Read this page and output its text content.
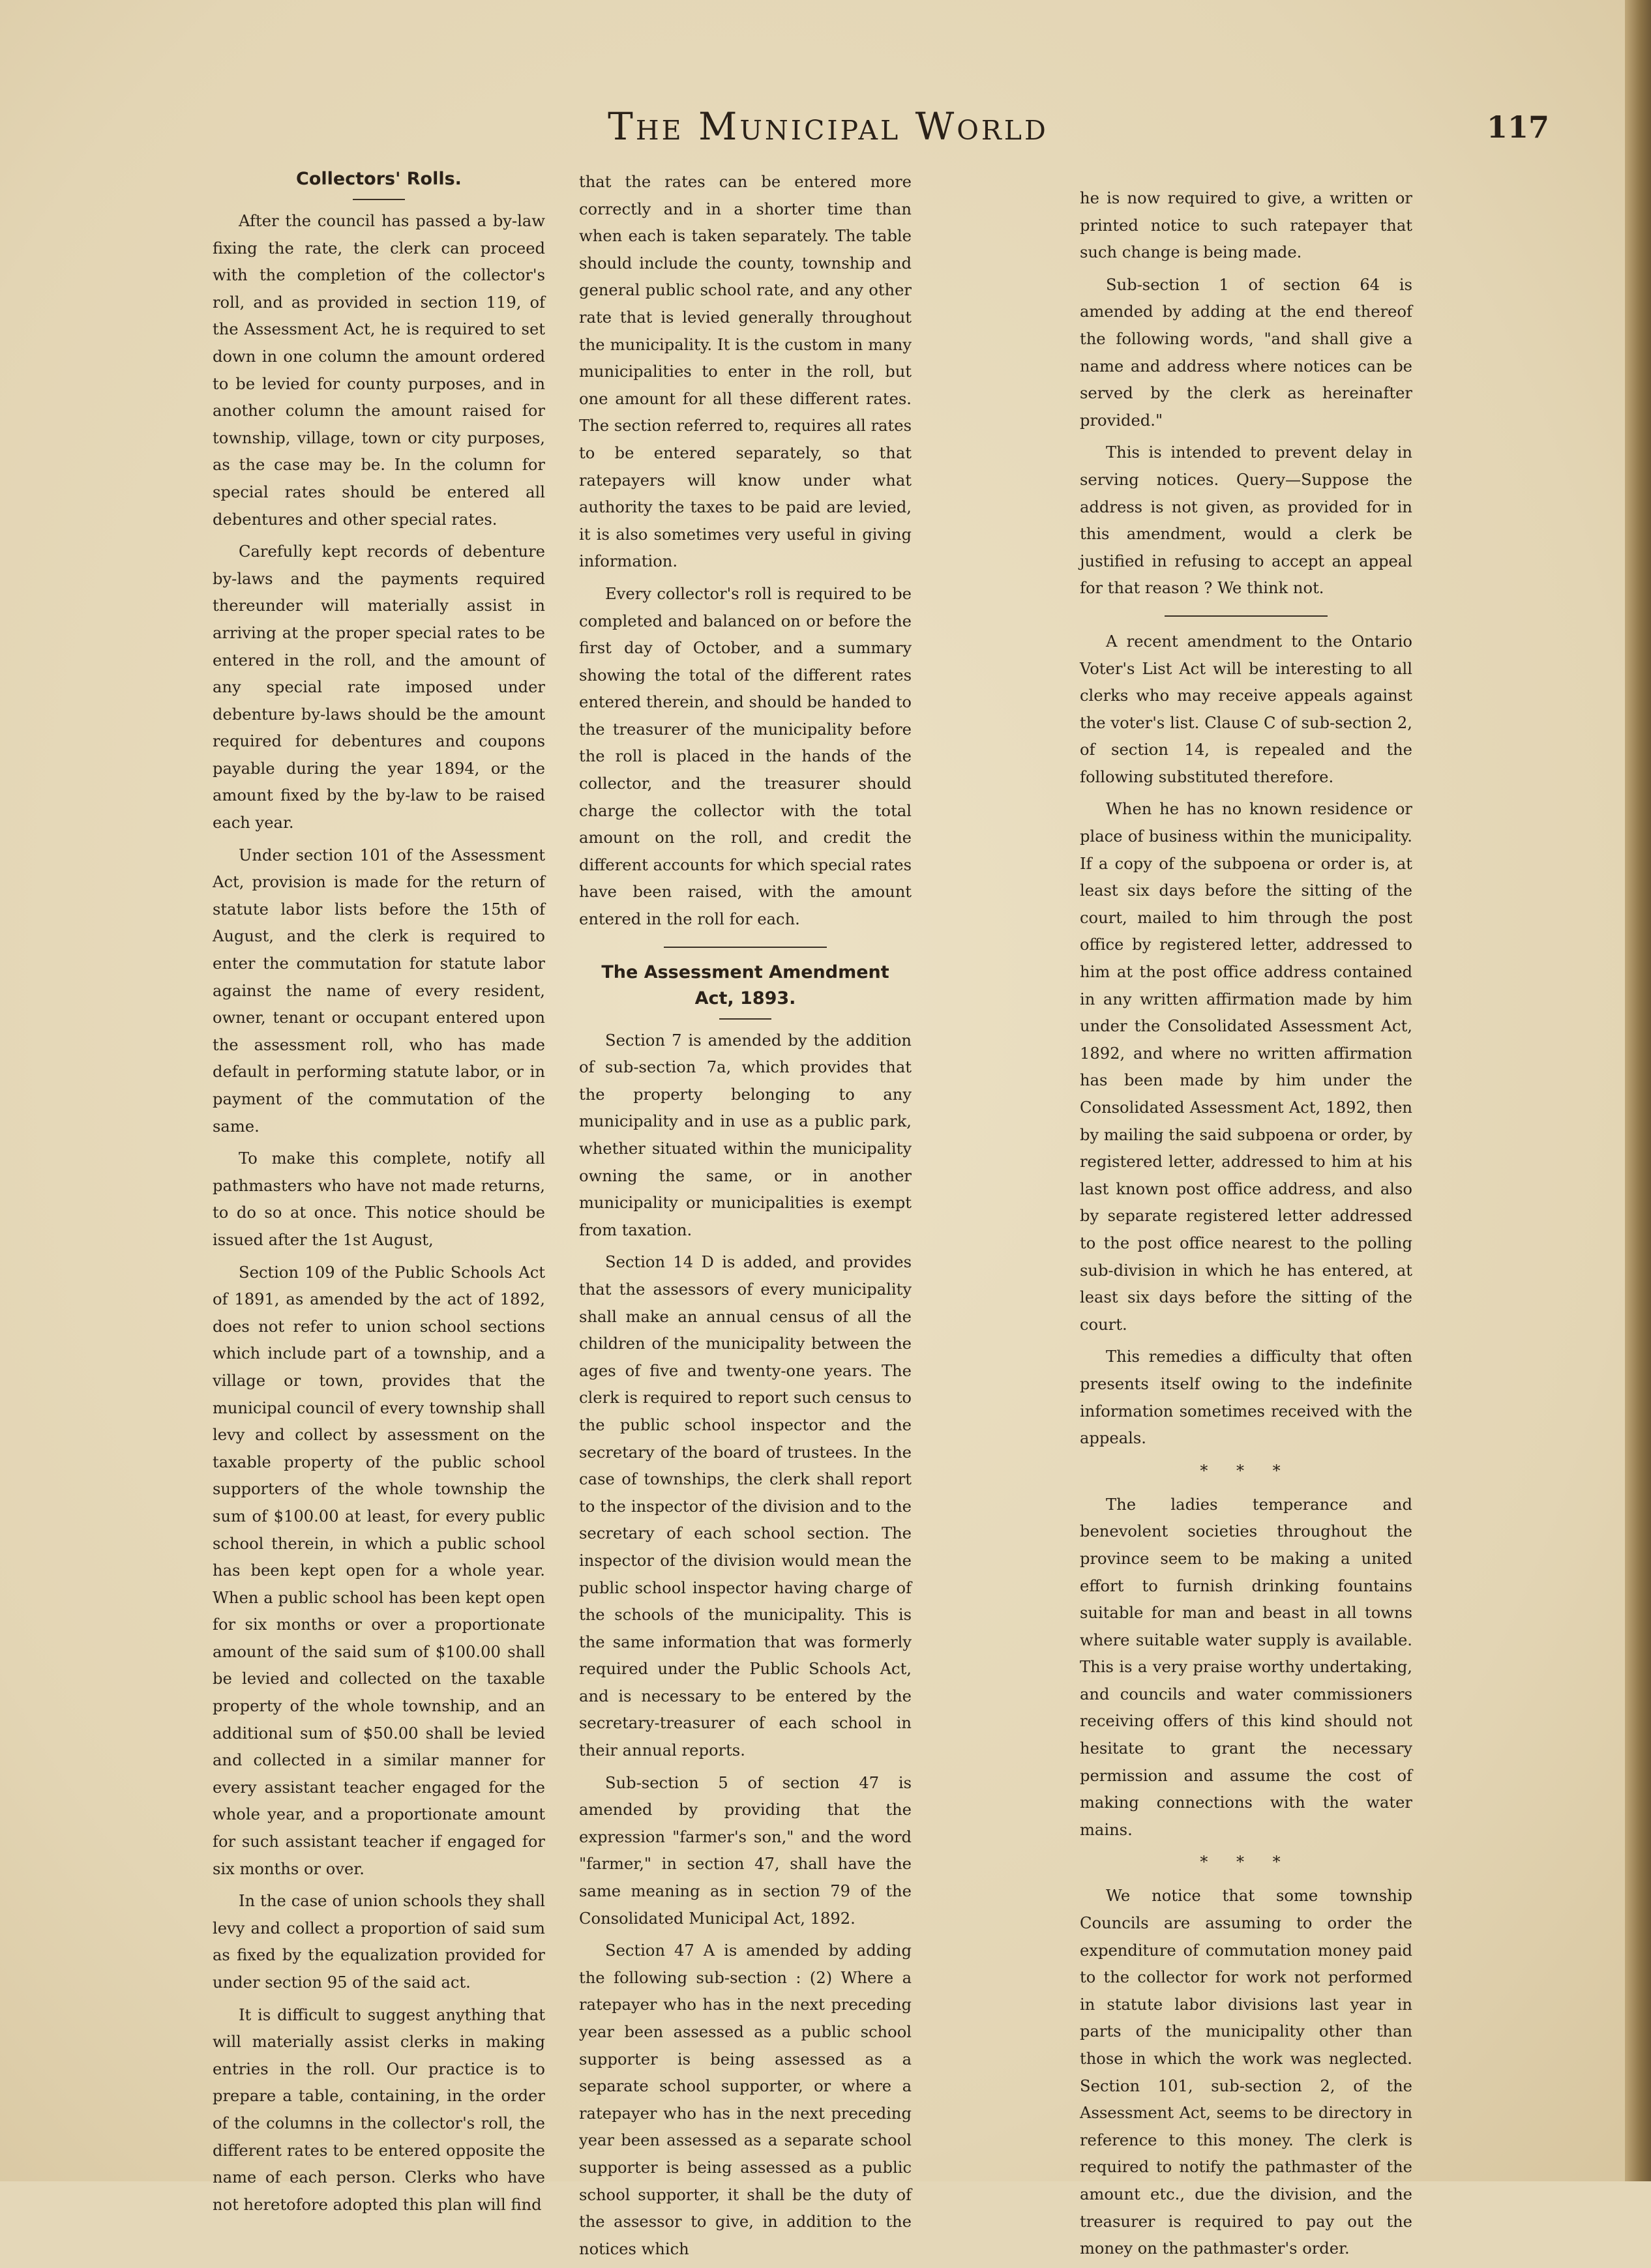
The Municipal World	117
Collectors' Rolls.

After the council has passed a by-law fixing the rate, the clerk can proceed with the completion of the collector's roll, and as provided in section 119, of the Assessment Act, he is required to set down in one column the amount ordered to be levied for county purposes, and in another column the amount raised for township, village, town or city purposes, as the case may be. In the column for special rates should be entered all debentures and other special rates.

Carefully kept records of debenture by-laws and the payments required thereunder will materially assist in arriving at the proper special rates to be entered in the roll, and the amount of any special rate imposed under debenture by-laws should be the amount required for debentures and coupons payable during the year 1894, or the amount fixed by the by-law to be raised each year.

Under section 101 of the Assessment Act, provision is made for the return of statute labor lists before the 15th of August, and the clerk is required to enter the commutation for statute labor against the name of every resident, owner, tenant or occupant entered upon the assessment roll, who has made default in performing statute labor, or in payment of the commutation of the same.

To make this complete, notify all pathmasters who have not made returns, to do so at once. This notice should be issued after the 1st August,

Section 109 of the Public Schools Act of 1891, as amended by the act of 1892, does not refer to union school sections which include part of a township, and a village or town, provides that the municipal council of every township shall levy and collect by assessment on the taxable property of the public school supporters of the whole township the sum of $100.00 at least, for every public school therein, in which a public school has been kept open for a whole year. When a public school has been kept open for six months or over a proportionate amount of the said sum of $100.00 shall be levied and collected on the taxable property of the whole township, and an additional sum of $50.00 shall be levied and collected in a similar manner for every assistant teacher engaged for the whole year, and a proportionate amount for such assistant teacher if engaged for six months or over.

In the case of union schools they shall levy and collect a proportion of said sum as fixed by the equalization provided for under section 95 of the said act.

It is difficult to suggest anything that will materially assist clerks in making entries in the roll. Our practice is to prepare a table, containing, in the order of the columns in the collector's roll, the different rates to be entered opposite the name of each person. Clerks who have not heretofore adopted this plan will find

that the rates can be entered more correctly and in a shorter time than when each is taken separately. The table should include the county, township and general public school rate, and any other rate that is levied generally throughout the municipality. It is the custom in many municipalities to enter in the roll, but one amount for all these different rates. The section referred to, requires all rates to be entered separately, so that ratepayers will know under what authority the taxes to be paid are levied, it is also sometimes very useful in giving information.

Every collector's roll is required to be completed and balanced on or before the first day of October, and a summary showing the total of the different rates entered therein, and should be handed to the treasurer of the municipality before the roll is placed in the hands of the collector, and the treasurer should charge the collector with the total amount on the roll, and credit the different accounts for which special rates have been raised, with the amount entered in the roll for each.

The Assessment Amendment Act, 1893.

Section 7 is amended by the addition of sub-section 7a, which provides that the property belonging to any municipality and in use as a public park, whether situated within the municipality owning the same, or in another municipality or municipalities is exempt from taxation.

Section 14 D is added, and provides that the assessors of every municipality shall make an annual census of all the children of the municipality between the ages of five and twenty-one years. The clerk is required to report such census to the public school inspector and the secretary of the board of trustees. In the case of townships, the clerk shall report to the inspector of the division and to the secretary of each school section. The inspector of the division would mean the public school inspector having charge of the schools of the municipality. This is the same information that was formerly required under the Public Schools Act, and is necessary to be entered by the secretary-treasurer of each school in their annual reports.

Sub-section 5 of section 47 is amended by providing that the expression "farmer's son," and the word "farmer," in section 47, shall have the same meaning as in section 79 of the Consolidated Municipal Act, 1892.

Section 47 A is amended by adding the following sub-section : (2) Where a ratepayer who has in the next preceding year been assessed as a public school supporter is being assessed as a separate school supporter, or where a ratepayer who has in the next preceding year been assessed as a separate school supporter is being assessed as a public school supporter, it shall be the duty of the assessor to give, in addition to the notices which

he is now required to give, a written or printed notice to such ratepayer that such change is being made.

Sub-section 1 of section 64 is amended by adding at the end thereof the following words, "and shall give a name and address where notices can be served by the clerk as hereinafter provided."

This is intended to prevent delay in serving notices. Query—Suppose the address is not given, as provided for in this amendment, would a clerk be justified in refusing to accept an appeal for that reason ? We think not.

A recent amendment to the Ontario Voter's List Act will be interesting to all clerks who may receive appeals against the voter's list. Clause C of sub-section 2, of section 14, is repealed and the following substituted therefore.

When he has no known residence or place of business within the municipality. If a copy of the subpoena or order is, at least six days before the sitting of the court, mailed to him through the post office by registered letter, addressed to him at the post office address contained in any written affirmation made by him under the Consolidated Assessment Act, 1892, and where no written affirmation has been made by him under the Consolidated Assessment Act, 1892, then by mailing the said subpoena or order, by registered letter, addressed to him at his last known post office address, and also by separate registered letter addressed to the post office nearest to the polling sub-division in which he has entered, at least six days before the sitting of the court.

This remedies a difficulty that often presents itself owing to the indefinite information sometimes received with the appeals.

* * *

The ladies temperance and benevolent societies throughout the province seem to be making a united effort to furnish drinking fountains suitable for man and beast in all towns where suitable water supply is available. This is a very praise worthy undertaking, and councils and water commissioners receiving offers of this kind should not hesitate to grant the necessary permission and assume the cost of making connections with the water mains.

* * *

We notice that some township Councils are assuming to order the expenditure of commutation money paid to the collector for work not performed in statute labor divisions last year in parts of the municipality other than those in which the work was neglected. Section 101, sub-section 2, of the Assessment Act, seems to be directory in reference to this money. The clerk is required to notify the pathmaster of the amount etc., due the division, and the treasurer is required to pay out the money on the pathmaster's order.
